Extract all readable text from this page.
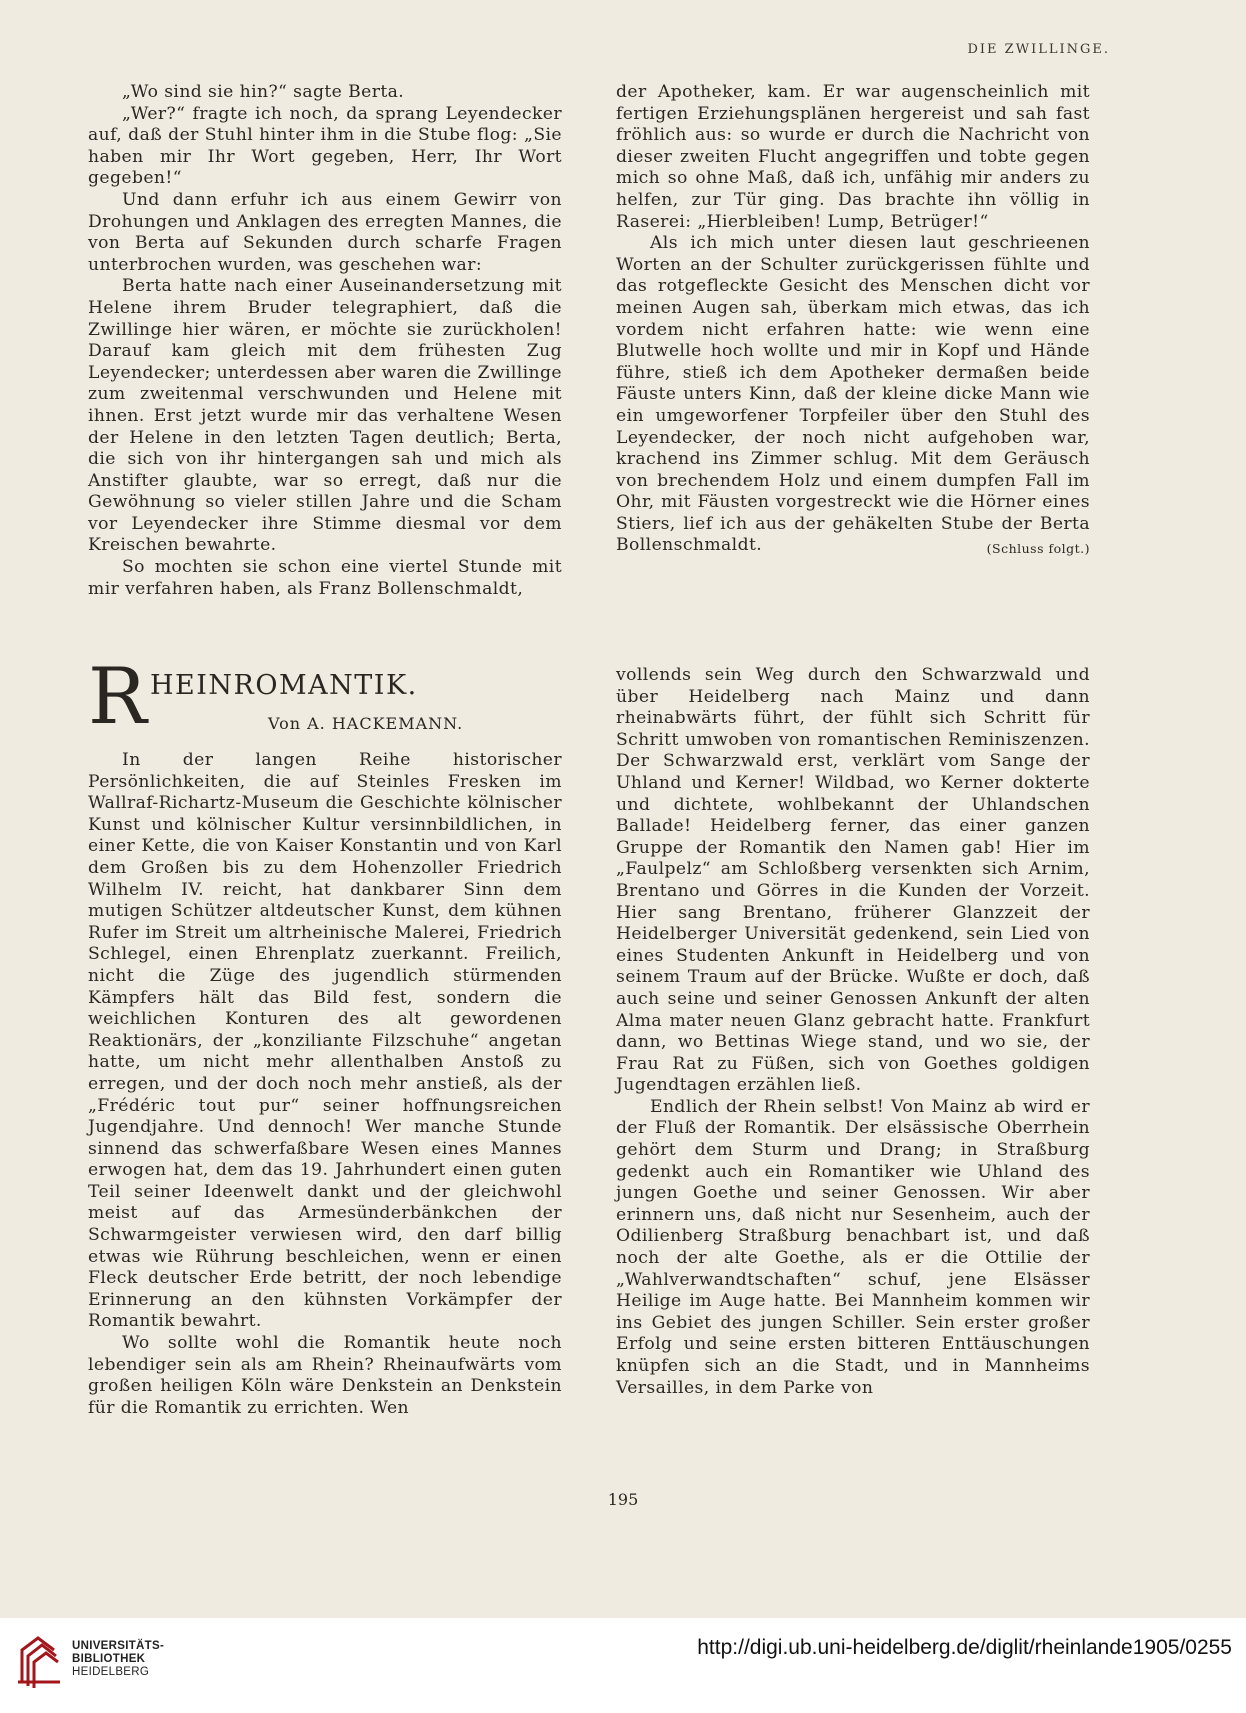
DIE ZWILLINGE.

„Wo sind sie hin?“ sagte Berta.

„Wer?“ fragte ich noch, da sprang Leyendecker auf, daß der Stuhl hinter ihm in die Stube flog: „Sie haben mir Ihr Wort gegeben, Herr, Ihr Wort gegeben!“

Und dann erfuhr ich aus einem Gewirr von Drohungen und Anklagen des erregten Mannes, die von Berta auf Sekunden durch scharfe Fragen unterbrochen wurden, was geschehen war:

Berta hatte nach einer Auseinandersetzung mit Helene ihrem Bruder telegraphiert, daß die Zwillinge hier wären, er möchte sie zurückholen! Darauf kam gleich mit dem frühesten Zug Leyendecker; unterdessen aber waren die Zwillinge zum zweitenmal verschwunden und Helene mit ihnen. Erst jetzt wurde mir das verhaltene Wesen der Helene in den letzten Tagen deutlich; Berta, die sich von ihr hintergangen sah und mich als Anstifter glaubte, war so erregt, daß nur die Gewöhnung so vieler stillen Jahre und die Scham vor Leyendecker ihre Stimme diesmal vor dem Kreischen bewahrte.

So mochten sie schon eine viertel Stunde mit mir verfahren haben, als Franz Bollenschmaldt,

der Apotheker, kam. Er war augenscheinlich mit fertigen Erziehungsplänen hergereist und sah fast fröhlich aus: so wurde er durch die Nachricht von dieser zweiten Flucht angegriffen und tobte gegen mich so ohne Maß, daß ich, unfähig mir anders zu helfen, zur Tür ging. Das brachte ihn völlig in Raserei: „Hierbleiben! Lump, Betrüger!“

Als ich mich unter diesen laut geschrieenen Worten an der Schulter zurückgerissen fühlte und das rotgefleckte Gesicht des Menschen dicht vor meinen Augen sah, überkam mich etwas, das ich vordem nicht erfahren hatte: wie wenn eine Blutwelle hoch wollte und mir in Kopf und Hände führe, stieß ich dem Apotheker dermaßen beide Fäuste unters Kinn, daß der kleine dicke Mann wie ein umgeworfener Torpfeiler über den Stuhl des Leyendecker, der noch nicht aufgehoben war, krachend ins Zimmer schlug. Mit dem Geräusch von brechendem Holz und einem dumpfen Fall im Ohr, mit Fäusten vorgestreckt wie die Hörner eines Stiers, lief ich aus der gehäkelten Stube der Berta Bollenschmaldt.	(Schluss folgt.)

R HEINROMANTIK.
Von A. HACKEMANN.

In der langen Reihe historischer Persönlichkeiten, die auf Steinles Fresken im Wallraf-Richartz-Museum die Geschichte kölnischer Kunst und kölnischer Kultur versinnbildlichen, in einer Kette, die von Kaiser Konstantin und von Karl dem Großen bis zu dem Hohenzoller Friedrich Wilhelm IV. reicht, hat dankbarer Sinn dem mutigen Schützer altdeutscher Kunst, dem kühnen Rufer im Streit um altrheinische Malerei, Friedrich Schlegel, einen Ehrenplatz zuerkannt. Freilich, nicht die Züge des jugendlich stürmenden Kämpfers hält das Bild fest, sondern die weichlichen Konturen des alt gewordenen Reaktionärs, der „konziliante Filzschuhe“ angetan hatte, um nicht mehr allenthalben Anstoß zu erregen, und der doch noch mehr anstieß, als der „Frédéric tout pur“ seiner hoffnungsreichen Jugendjahre. Und dennoch! Wer manche Stunde sinnend das schwerfaßbare Wesen eines Mannes erwogen hat, dem das 19. Jahrhundert einen guten Teil seiner Ideenwelt dankt und der gleichwohl meist auf das Armesünderbänkchen der Schwarmgeister verwiesen wird, den darf billig etwas wie Rührung beschleichen, wenn er einen Fleck deutscher Erde betritt, der noch lebendige Erinnerung an den kühnsten Vorkämpfer der Romantik bewahrt.

Wo sollte wohl die Romantik heute noch lebendiger sein als am Rhein? Rheinaufwärts vom großen heiligen Köln wäre Denkstein an Denkstein für die Romantik zu errichten. Wen

vollends sein Weg durch den Schwarzwald und über Heidelberg nach Mainz und dann rheinabwärts führt, der fühlt sich Schritt für Schritt umwoben von romantischen Reminiszenzen. Der Schwarzwald erst, verklärt vom Sange der Uhland und Kerner! Wildbad, wo Kerner dokterte und dichtete, wohlbekannt der Uhlandschen Ballade! Heidelberg ferner, das einer ganzen Gruppe der Romantik den Namen gab! Hier im „Faulpelz“ am Schloßberg versenkten sich Arnim, Brentano und Görres in die Kunden der Vorzeit. Hier sang Brentano, früherer Glanzzeit der Heidelberger Universität gedenkend, sein Lied von eines Studenten Ankunft in Heidelberg und von seinem Traum auf der Brücke. Wußte er doch, daß auch seine und seiner Genossen Ankunft der alten Alma mater neuen Glanz gebracht hatte. Frankfurt dann, wo Bettinas Wiege stand, und wo sie, der Frau Rat zu Füßen, sich von Goethes goldigen Jugendtagen erzählen ließ.

Endlich der Rhein selbst! Von Mainz ab wird er der Fluß der Romantik. Der elsässische Oberrhein gehört dem Sturm und Drang; in Straßburg gedenkt auch ein Romantiker wie Uhland des jungen Goethe und seiner Genossen. Wir aber erinnern uns, daß nicht nur Sesenheim, auch der Odilienberg Straßburg benachbart ist, und daß noch der alte Goethe, als er die Ottilie der „Wahlverwandtschaften“ schuf, jene Elsässer Heilige im Auge hatte. Bei Mannheim kommen wir ins Gebiet des jungen Schiller. Sein erster großer Erfolg und seine ersten bitteren Enttäuschungen knüpfen sich an die Stadt, und in Mannheims Versailles, in dem Parke von

195
UNIVERSITÄTS-
BIBLIOTHEK
HEIDELBERG
http://digi.ub.uni-heidelberg.de/diglit/rheinlande1905/0255
